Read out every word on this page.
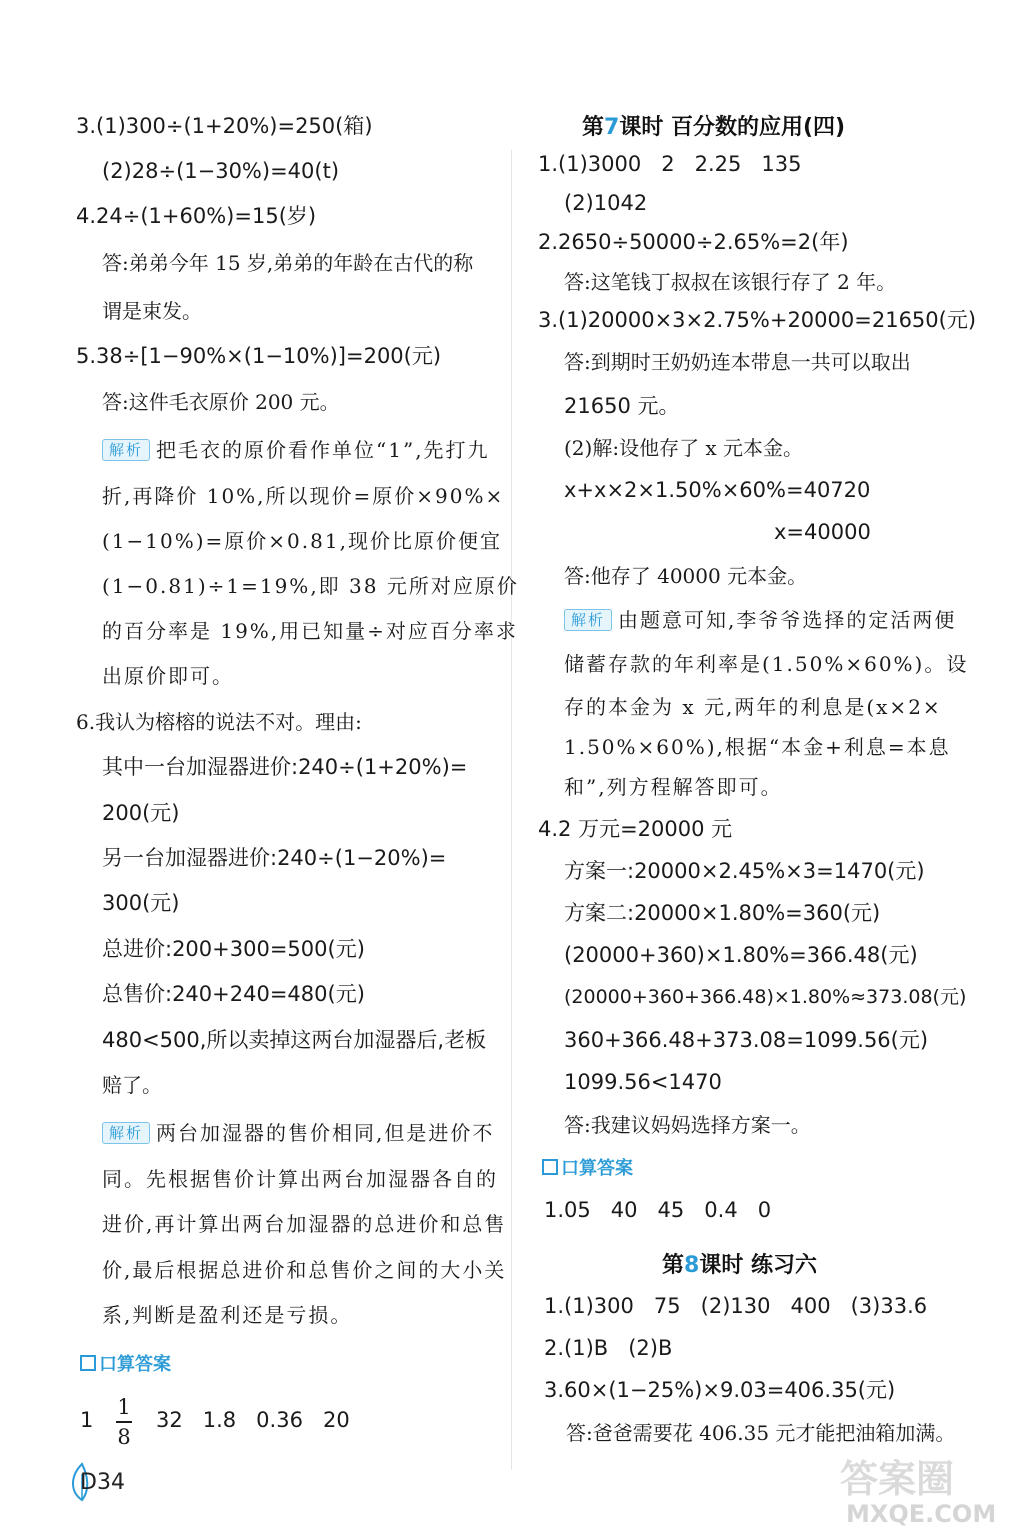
3.(1)300÷(1+20%)=250(箱)
(2)28÷(1−30%)=40(t)
4.24÷(1+60%)=15(岁)
答:弟弟今年 15 岁,弟弟的年龄在古代的称
谓是束发。
5.38÷[1−90%×(1−10%)]=200(元)
答:这件毛衣原价 200 元。
解析 把毛衣的原价看作单位“1”,先打九
折,再降价 10%,所以现价=原价×90%×
(1−10%)=原价×0.81,现价比原价便宜
(1−0.81)÷1=19%,即 38 元所对应原价
的百分率是 19%,用已知量÷对应百分率求
出原价即可。
6.我认为榕榕的说法不对。理由:
其中一台加湿器进价:240÷(1+20%)=
200(元)
另一台加湿器进价:240÷(1−20%)=
300(元)
总进价:200+300=500(元)
总售价:240+240=480(元)
480<500,所以卖掉这两台加湿器后,老板
赔了。
解析 两台加湿器的售价相同,但是进价不
同。先根据售价计算出两台加湿器各自的
进价,再计算出两台加湿器的总进价和总售
价,最后根据总进价和总售价之间的大小关
系,判断是盈利还是亏损。
口算答案
1
1
8
32   1.8   0.36   20
D34
第7课时 百分数的应用(四)
1.(1)3000   2   2.25   135
(2)1042
2.2650÷50000÷2.65%=2(年)
答:这笔钱丁叔叔在该银行存了 2 年。
3.(1)20000×3×2.75%+20000=21650(元)
答:到期时王奶奶连本带息一共可以取出
21650 元。
(2)解:设他存了 x 元本金。
x+x×2×1.50%×60%=40720
x=40000
答:他存了 40000 元本金。
解析 由题意可知,李爷爷选择的定活两便
储蓄存款的年利率是(1.50%×60%)。设
存的本金为 x 元,两年的利息是(x×2×
1.50%×60%),根据“本金+利息=本息
和”,列方程解答即可。
4.2 万元=20000 元
方案一:20000×2.45%×3=1470(元)
方案二:20000×1.80%=360(元)
(20000+360)×1.80%=366.48(元)
(20000+360+366.48)×1.80%≈373.08(元)
360+366.48+373.08=1099.56(元)
1099.56<1470
答:我建议妈妈选择方案一。
口算答案
1.05   40   45   0.4   0
第8课时 练习六
1.(1)300   75   (2)130   400   (3)33.6
2.(1)B   (2)B
3.60×(1−25%)×9.03=406.35(元)
答:爸爸需要花 406.35 元才能把油箱加满。
答案圈
MXQE.COM
